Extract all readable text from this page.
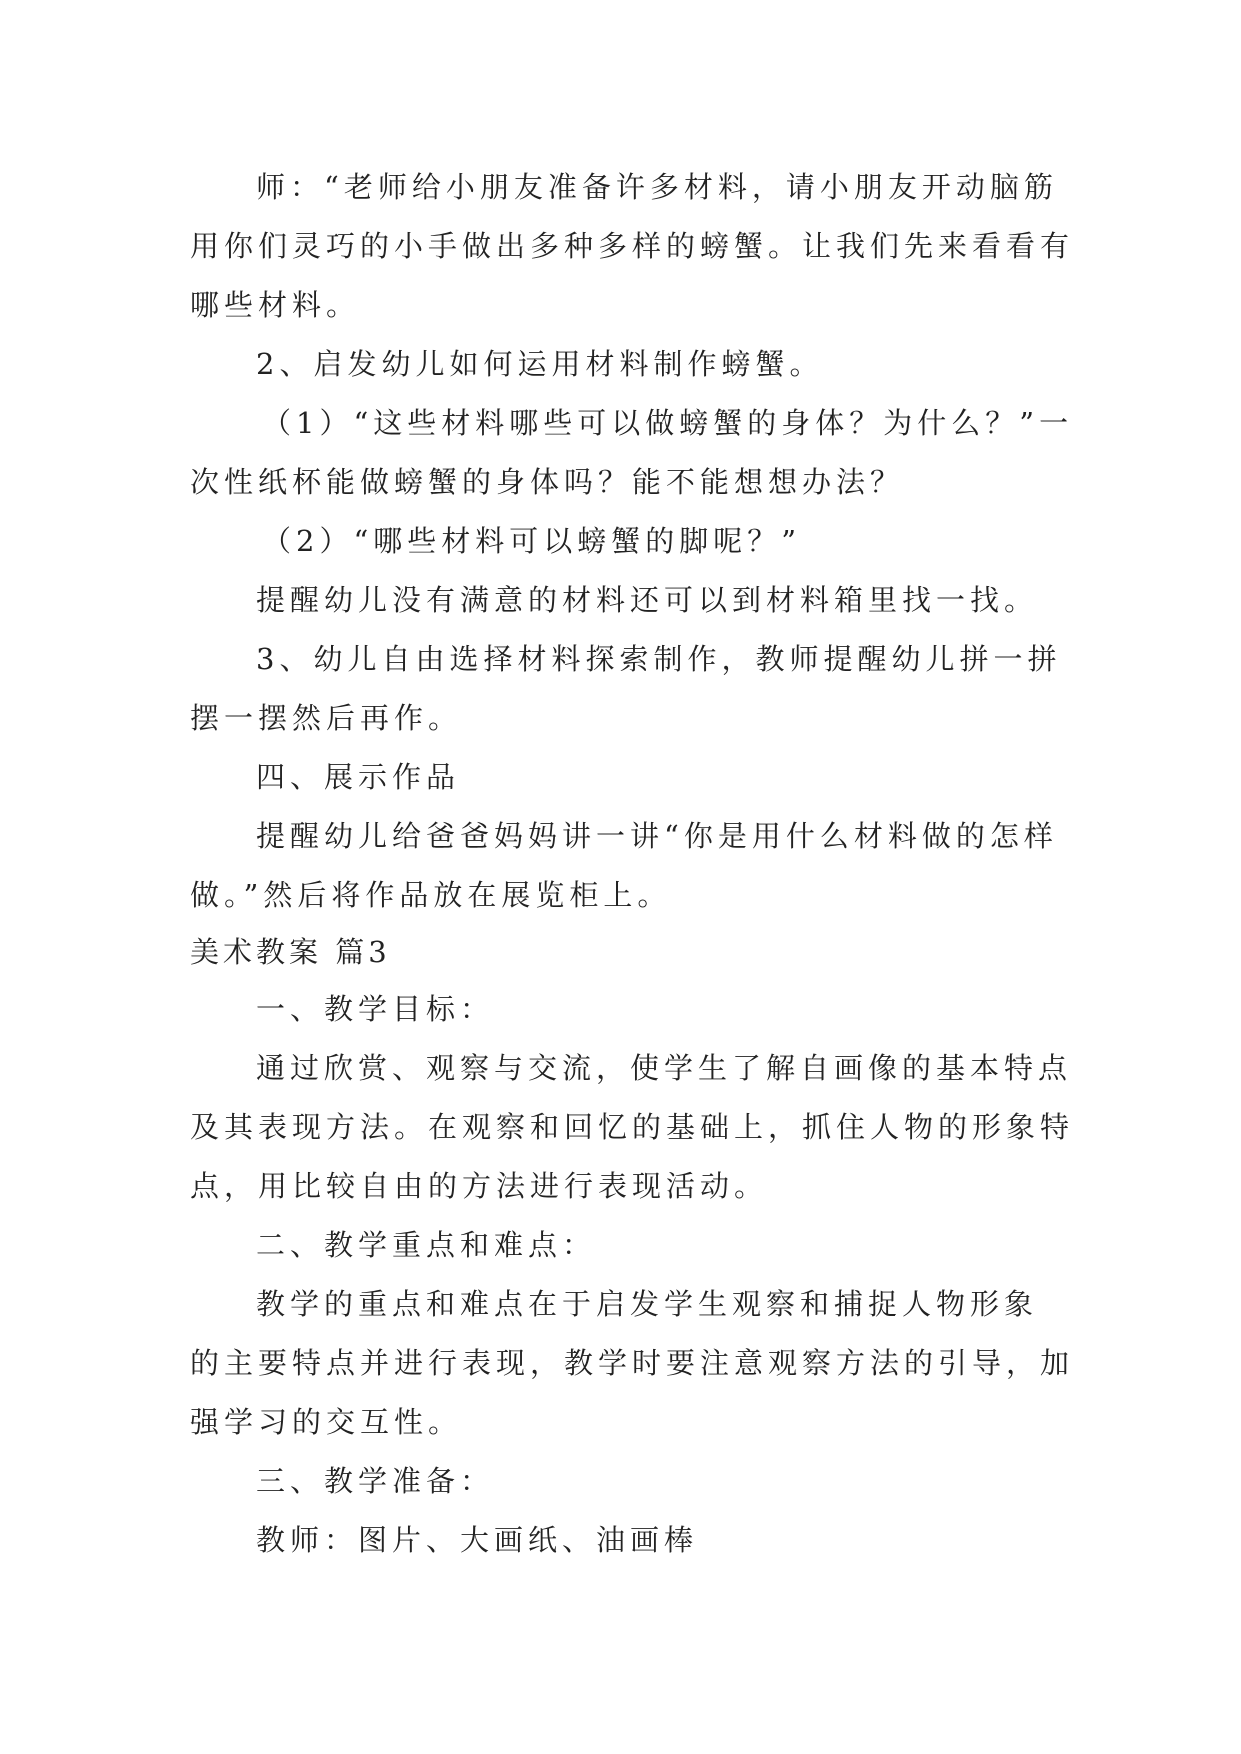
师：“老师给小朋友准备许多材料，请小朋友开动脑筋
用你们灵巧的小手做出多种多样的螃蟹。让我们先来看看有
哪些材料。
2、启发幼儿如何运用材料制作螃蟹。
（1）“这些材料哪些可以做螃蟹的身体？为什么？”一
次性纸杯能做螃蟹的身体吗？能不能想想办法？
（2）“哪些材料可以螃蟹的脚呢？”
提醒幼儿没有满意的材料还可以到材料箱里找一找。
3、幼儿自由选择材料探索制作，教师提醒幼儿拼一拼
摆一摆然后再作。
四、展示作品
提醒幼儿给爸爸妈妈讲一讲“你是用什么材料做的怎样
做。”然后将作品放在展览柜上。
美术教案 篇3
一、教学目标：
通过欣赏、观察与交流，使学生了解自画像的基本特点
及其表现方法。在观察和回忆的基础上，抓住人物的形象特
点，用比较自由的方法进行表现活动。
二、教学重点和难点：
教学的重点和难点在于启发学生观察和捕捉人物形象
的主要特点并进行表现，教学时要注意观察方法的引导，加
强学习的交互性。
三、教学准备：
教师：图片、大画纸、油画棒
